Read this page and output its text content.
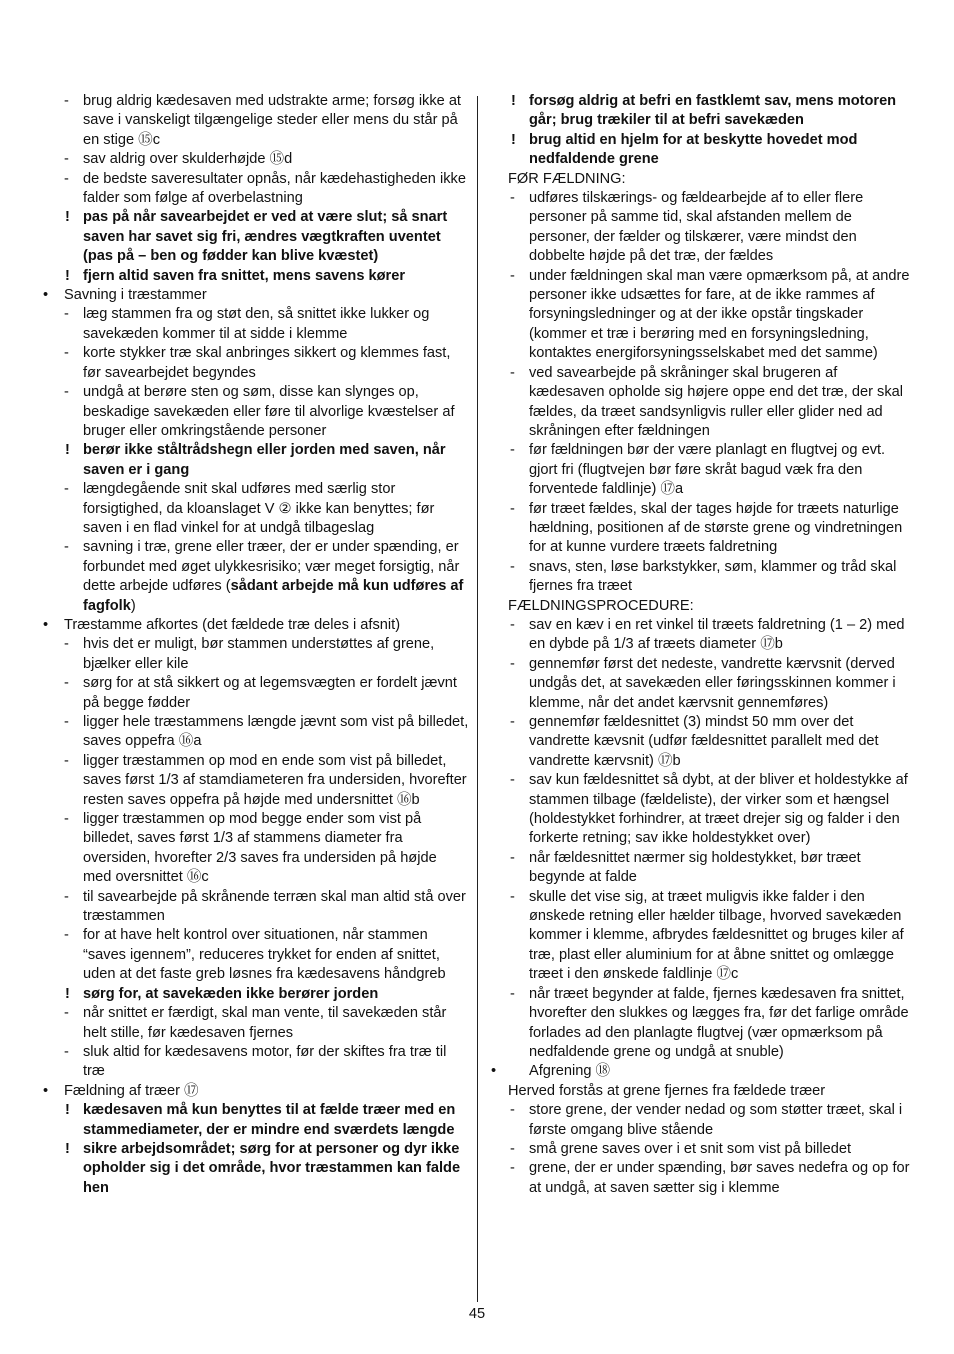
- brug aldrig kædesaven med udstrakte arme; forsøg ikke at save i vanskeligt tilgængelige steder eller mens du står på en stige ⑮c
- sav aldrig over skulderhøjde ⑮d
- de bedste saveresultater opnås, når kædehastigheden ikke falder som følge af overbelastning
! pas på når savearbejdet er ved at være slut; så snart saven har savet sig fri, ændres vægtkraften uventet (pas på – ben og fødder kan blive kvæstet)
! fjern altid saven fra snittet, mens savens kører
• Savning i træstammer
- læg stammen fra og støt den, så snittet ikke lukker og savekæden kommer til at sidde i klemme
- korte stykker træ skal anbringes sikkert og klemmes fast, før savearbejdet begyndes
- undgå at berøre sten og søm, disse kan slynges op, beskadige savekæden eller føre til alvorlige kvæstelser af bruger eller omkringstående personer
! berør ikke ståltrådshegn eller jorden med saven, når saven er i gang
- længdegående snit skal udføres med særlig stor forsigtighed, da kloanslaget V ② ikke kan benyttes; før saven i en flad vinkel for at undgå tilbageslag
- savning i træ, grene eller træer, der er under spænding, er forbundet med øget ulykkesrisiko; vær meget forsigtig, når dette arbejde udføres (sådant arbejde må kun udføres af fagfolk)
• Træstamme afkortes (det fældede træ deles i afsnit)
- hvis det er muligt, bør stammen understøttes af grene, bjælker eller kile
- sørg for at stå sikkert og at legemsvægten er fordelt jævnt på begge fødder
- ligger hele træstammens længde jævnt som vist på billedet, saves oppefra ⑯a
- ligger træstammen op mod en ende som vist på billedet, saves først 1/3 af stamdiameteren fra undersiden, hvorefter resten saves oppefra på højde med undersnittet ⑯b
- ligger træstammen op mod begge ender som vist på billedet, saves først 1/3 af stammens diameter fra oversiden, hvorefter 2/3 saves fra undersiden på højde med oversnittet ⑯c
- til savearbejde på skrånende terræn skal man altid stå over træstammen
- for at have helt kontrol over situationen, når stammen “saves igennem”, reduceres trykket for enden af snittet, uden at det faste greb løsnes fra kædesavens håndgreb
! sørg for, at savekæden ikke berører jorden
- når snittet er færdigt, skal man vente, til savekæden står helt stille, før kædesaven fjernes
- sluk altid for kædesavens motor, før der skiftes fra træ til træ
• Fældning af træer ⑰
! kædesaven må kun benyttes til at fælde træer med en stammediameter, der er mindre end sværdets længde
! sikre arbejdsområdet; sørg for at personer og dyr ikke opholder sig i det område, hvor træstammen kan falde hen
! forsøg aldrig at befri en fastklemt sav, mens motoren går; brug trækiler til at befri savekæden
! brug altid en hjelm for at beskytte hovedet mod nedfaldende grene
FØR FÆLDNING:
- udføres tilskærings- og fældearbejde af to eller flere personer på samme tid, skal afstanden mellem de personer, der fælder og tilskærer, være mindst den dobbelte højde på det træ, der fældes
- under fældningen skal man være opmærksom på, at andre personer ikke udsættes for fare, at de ikke rammes af forsyningsledninger og at der ikke opstår tingskader (kommer et træ i berøring med en forsyningsledning, kontaktes energiforsyningsselskabet med det samme)
- ved savearbejde på skråninger skal brugeren af kædesaven opholde sig højere oppe end det træ, der skal fældes, da træet sandsynligvis ruller eller glider ned ad skråningen efter fældningen
- før fældningen bør der være planlagt en flugtvej og evt. gjort fri (flugtvejen bør føre skråt bagud væk fra den forventede faldlinje) ⑰a
- før træet fældes, skal der tages højde for træets naturlige hældning, positionen af de største grene og vindretningen for at kunne vurdere træets faldretning
- snavs, sten, løse barkstykker, søm, klammer og tråd skal fjernes fra træet
FÆLDNINGSPROCEDURE:
- sav en kæv i en ret vinkel til træets faldretning (1 – 2) med en dybde på 1/3 af træets diameter ⑰b
- gennemfør først det nedeste, vandrette kærvsnit (derved undgås det, at savekæden eller føringsskinnen kommer i klemme, når det andet kærvsnit gennemføres)
- gennemfør fældesnittet (3) mindst 50 mm over det vandrette kævsnit (udfør fældesnittet parallelt med det vandrette kærvsnit) ⑰b
- sav kun fældesnittet så dybt, at der bliver et holdestykke af stammen tilbage (fældeliste), der virker som et hængsel (holdestykket forhindrer, at træet drejer sig og falder i den forkerte retning; sav ikke holdestykket over)
- når fældesnittet nærmer sig holdestykket, bør træet begynde at falde
- skulle det vise sig, at træet muligvis ikke falder i den ønskede retning eller hælder tilbage, hvorved savekæden kommer i klemme, afbrydes fældesnittet og bruges kiler af træ, plast eller aluminium for at åbne snittet og omlægge træet i den ønskede faldlinje ⑰c
- når træet begynder at falde, fjernes kædesaven fra snittet, hvorefter den slukkes og lægges fra, før det farlige område forlades ad den planlagte flugtvej (vær opmærksom på nedfaldende grene og undgå at snuble)
• Afgrening ⑱
Herved forstås at grene fjernes fra fældede træer
- store grene, der vender nedad og som støtter træet, skal i første omgang blive stående
- små grene saves over i et snit som vist på billedet
- grene, der er under spænding, bør saves nedefra og op for at undgå, at saven sætter sig i klemme
45
